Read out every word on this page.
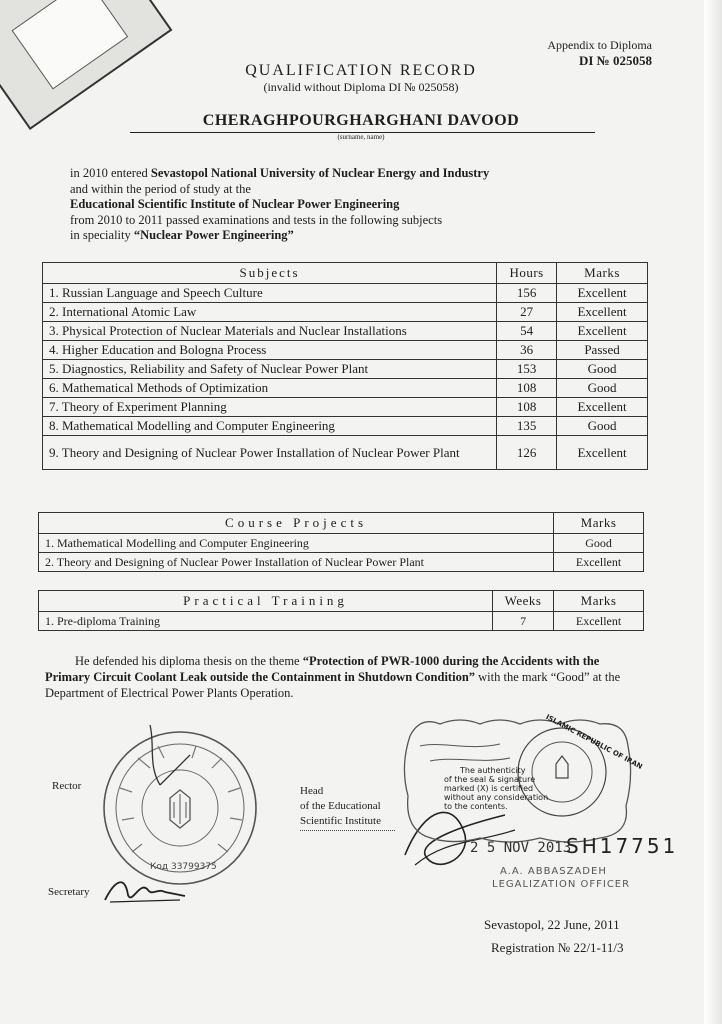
Appendix to Diploma
DI № 025058
QUALIFICATION RECORD
(invalid without Diploma DI № 025058)
CHERAGHPOURGHARGHANI DAVOOD
(surname, name)
in 2010 entered Sevastopol National University of Nuclear Energy and Industry
and within the period of study at the
Educational Scientific Institute of Nuclear Power Engineering
from 2010 to 2011 passed examinations and tests in the following subjects
in speciality “Nuclear Power Engineering”
Subjects	Hours	Marks
1. Russian Language and Speech Culture	156	Excellent
2. International Atomic Law	27	Excellent
3. Physical Protection of Nuclear Materials and Nuclear Installations	54	Excellent
4. Higher Education and Bologna Process	36	Passed
5. Diagnostics, Reliability and Safety of Nuclear Power Plant	153	Good
6. Mathematical Methods of Optimization	108	Good
7. Theory of Experiment Planning	108	Excellent
8. Mathematical Modelling and Computer Engineering	135	Good
9. Theory and Designing of Nuclear Power Installation of Nuclear Power Plant	126	Excellent
Course Projects	Marks
1. Mathematical Modelling and Computer Engineering	Good
2. Theory and Designing of Nuclear Power Installation of Nuclear Power Plant	Excellent
Practical Training	Weeks	Marks
1. Pre-diploma Training	7	Excellent
He defended his diploma thesis on the theme “Protection of PWR-1000 during the Accidents with the Primary Circuit Coolant Leak outside the Containment in Shutdown Condition” with the mark “Good” at the Department of Electrical Power Plants Operation.
Rector	Head
of the Educational
Scientific Institute
Secretary
Код 33799375
ISLAMIC REPUBLIC OF IRAN
The authenticity
of the seal & signature
marked (X) is certified
without any consideration
to the contents.
2 5 NOV 2013
SH17751
A.A. ABBASZADEH
LEGALIZATION OFFICER
Sevastopol, 22 June, 2011
Registration № 22/1-11/3
